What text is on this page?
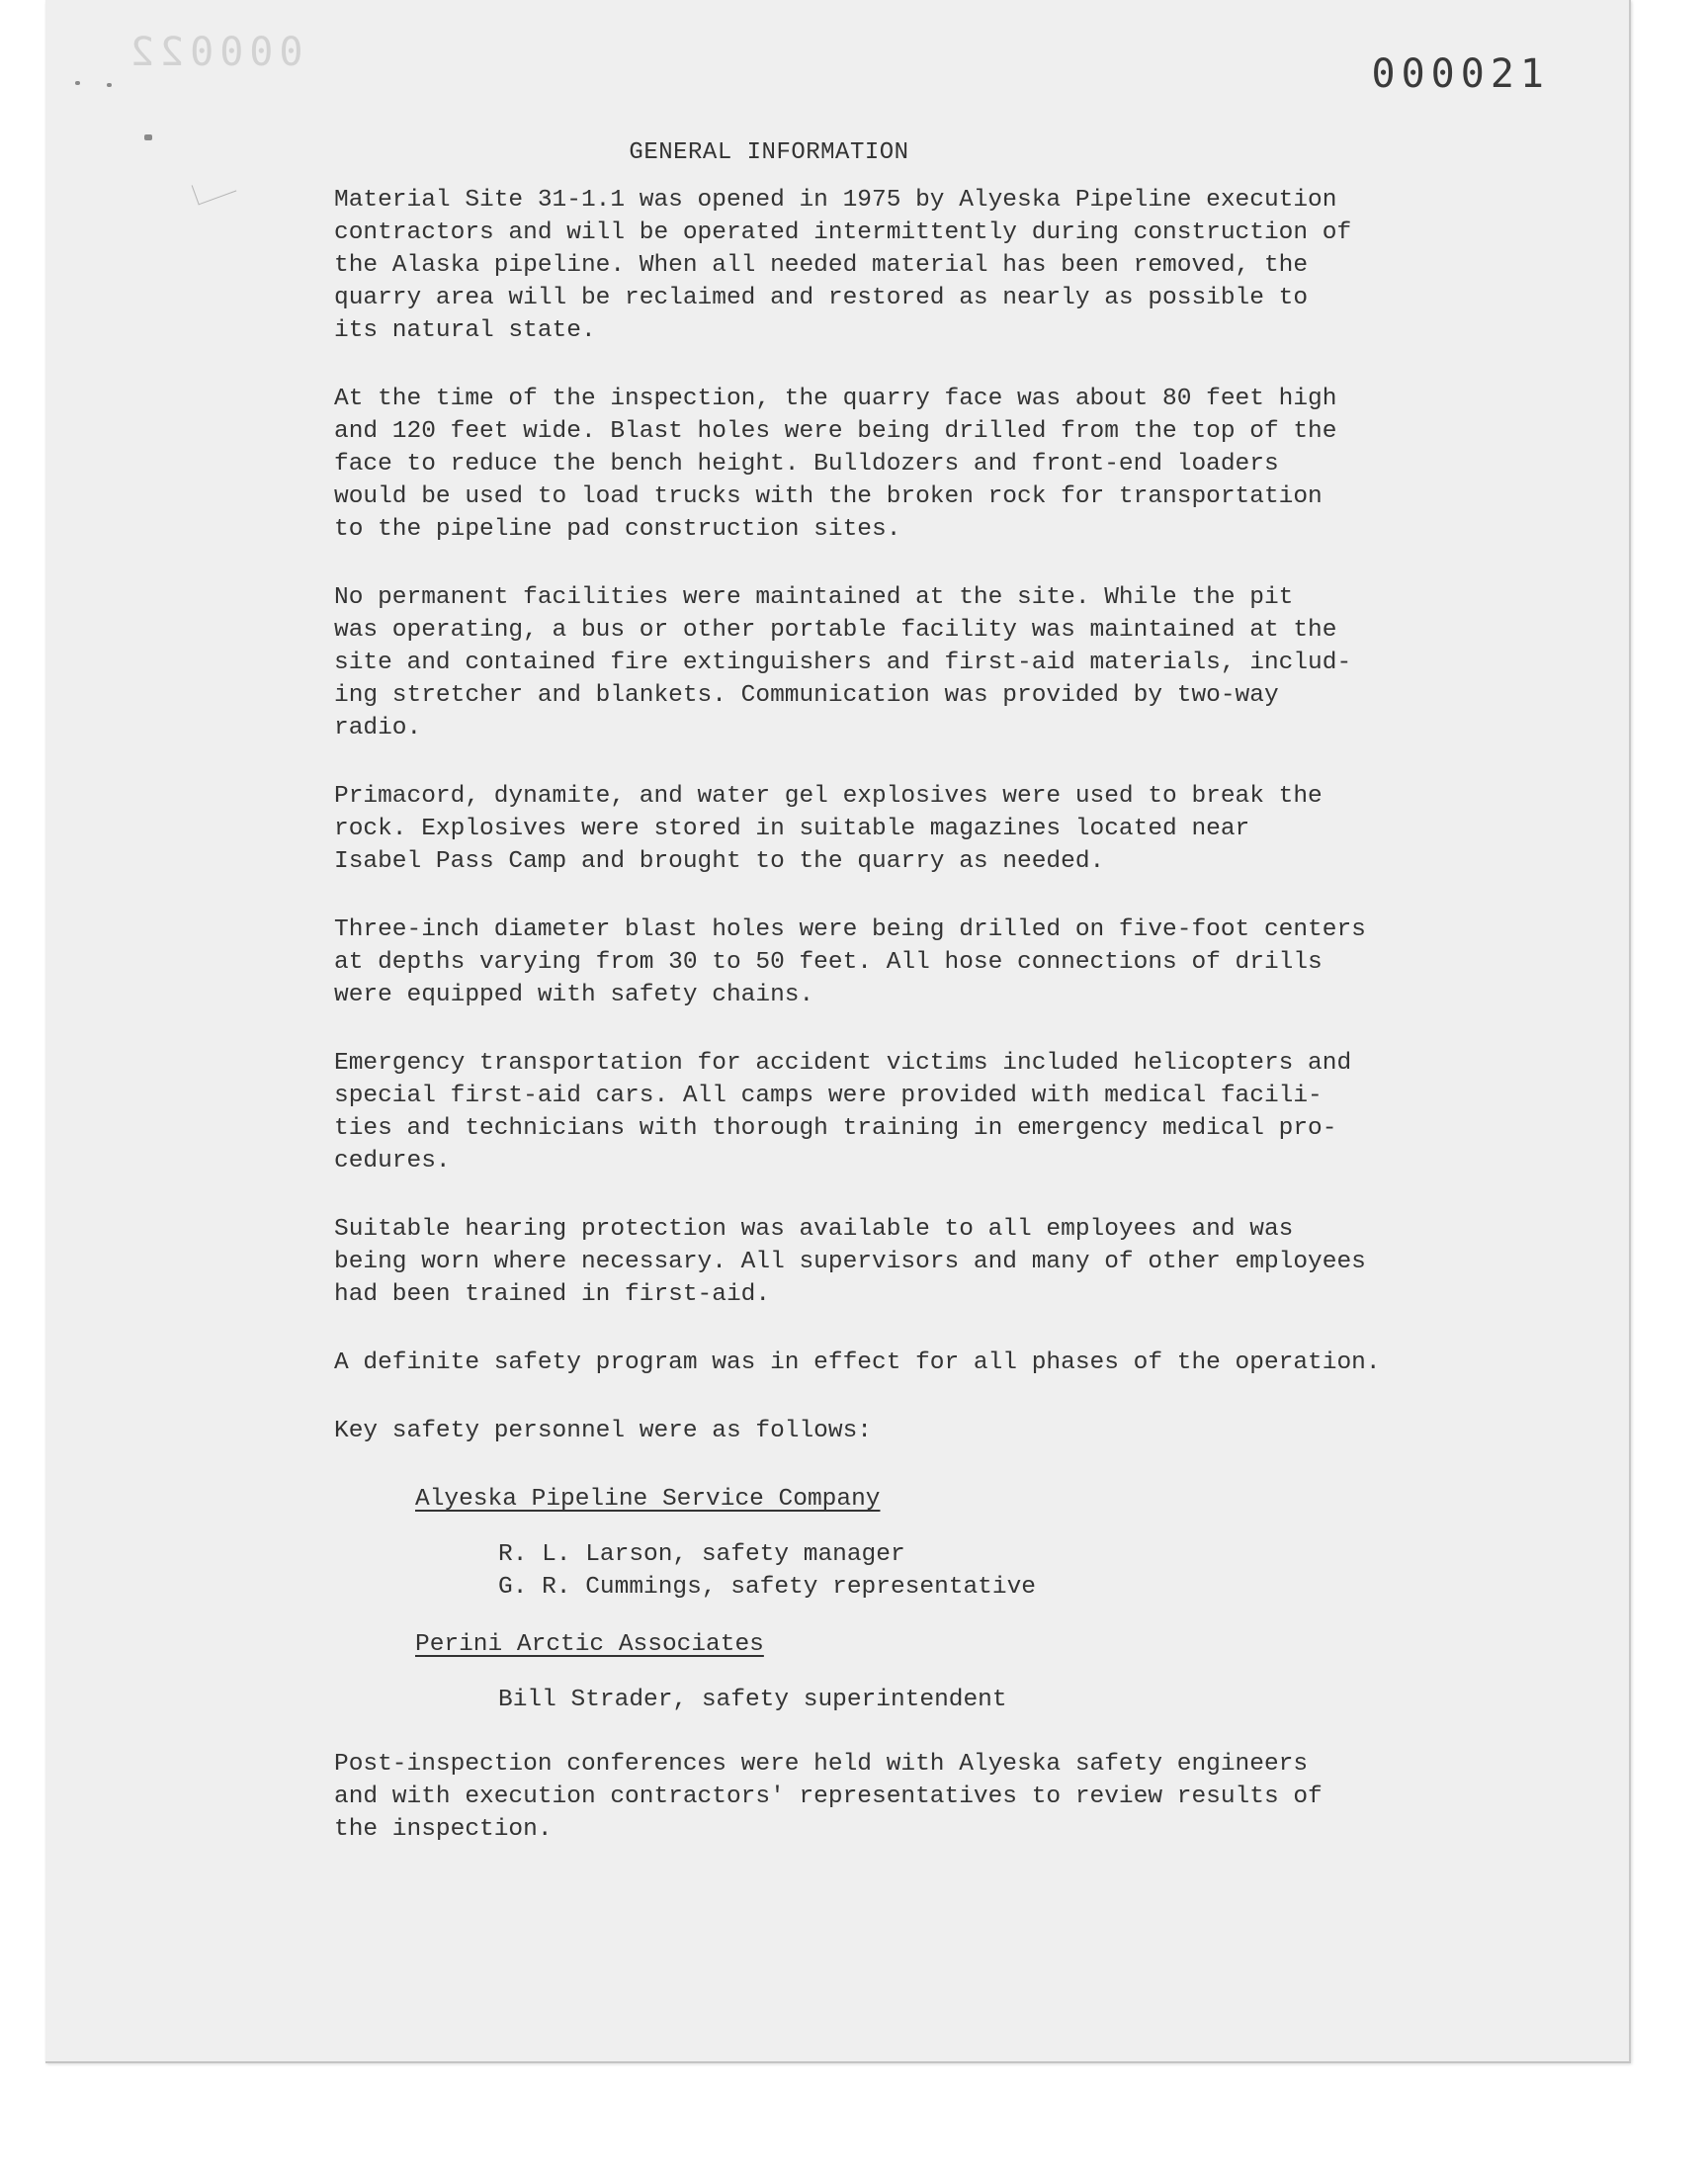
000022	000021
GENERAL INFORMATION
Material Site 31-1.1 was opened in 1975 by Alyeska Pipeline execution
contractors and will be operated intermittently during construction of
the Alaska pipeline. When all needed material has been removed, the
quarry area will be reclaimed and restored as nearly as possible to
its natural state.
At the time of the inspection, the quarry face was about 80 feet high
and 120 feet wide. Blast holes were being drilled from the top of the
face to reduce the bench height. Bulldozers and front-end loaders
would be used to load trucks with the broken rock for transportation
to the pipeline pad construction sites.
No permanent facilities were maintained at the site. While the pit
was operating, a bus or other portable facility was maintained at the
site and contained fire extinguishers and first-aid materials, includ-
ing stretcher and blankets. Communication was provided by two-way
radio.
Primacord, dynamite, and water gel explosives were used to break the
rock. Explosives were stored in suitable magazines located near
Isabel Pass Camp and brought to the quarry as needed.
Three-inch diameter blast holes were being drilled on five-foot centers
at depths varying from 30 to 50 feet. All hose connections of drills
were equipped with safety chains.
Emergency transportation for accident victims included helicopters and
special first-aid cars. All camps were provided with medical facili-
ties and technicians with thorough training in emergency medical pro-
cedures.
Suitable hearing protection was available to all employees and was
being worn where necessary. All supervisors and many of other employees
had been trained in first-aid.
A definite safety program was in effect for all phases of the operation.
Key safety personnel were as follows:
Alyeska Pipeline Service Company
R. L. Larson, safety manager
G. R. Cummings, safety representative
Perini Arctic Associates
Bill Strader, safety superintendent
Post-inspection conferences were held with Alyeska safety engineers
and with execution contractors' representatives to review results of
the inspection.
